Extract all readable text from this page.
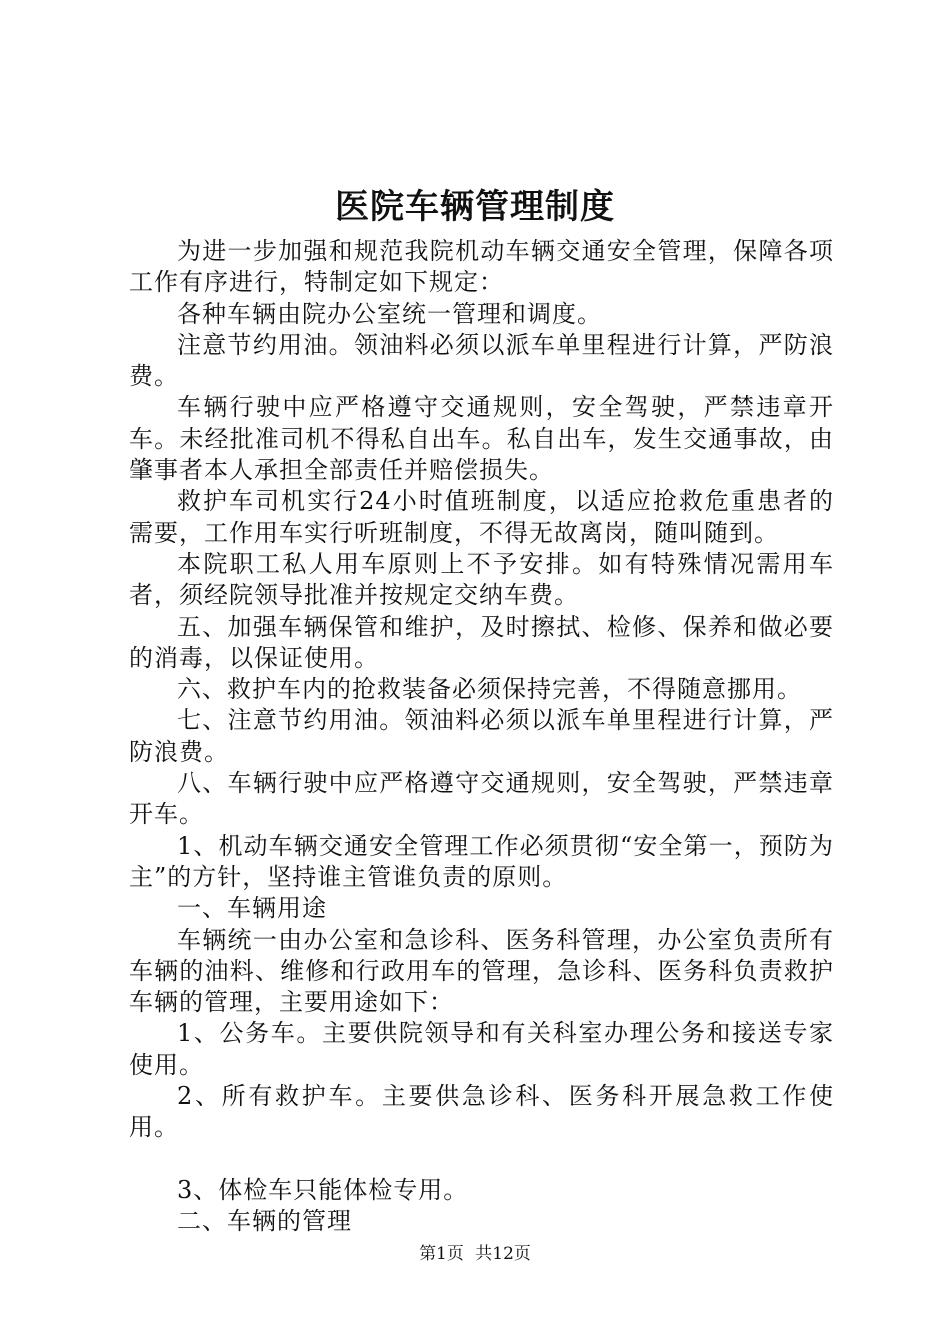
医院车辆管理制度

为进一步加强和规范我院机动车辆交通安全管理，保障各项工作有序进行，特制定如下规定：

各种车辆由院办公室统一管理和调度。

注意节约用油。领油料必须以派车单里程进行计算，严防浪费。

车辆行驶中应严格遵守交通规则，安全驾驶，严禁违章开车。未经批准司机不得私自出车。私自出车，发生交通事故，由肇事者本人承担全部责任并赔偿损失。

救护车司机实行24小时值班制度，以适应抢救危重患者的需要，工作用车实行听班制度，不得无故离岗，随叫随到。

本院职工私人用车原则上不予安排。如有特殊情况需用车者，须经院领导批准并按规定交纳车费。

五、加强车辆保管和维护，及时擦拭、检修、保养和做必要的消毒，以保证使用。

六、救护车内的抢救装备必须保持完善，不得随意挪用。

七、注意节约用油。领油料必须以派车单里程进行计算，严防浪费。

八、车辆行驶中应严格遵守交通规则，安全驾驶，严禁违章开车。

1、机动车辆交通安全管理工作必须贯彻“安全第一，预防为主”的方针，坚持谁主管谁负责的原则。

一、车辆用途

车辆统一由办公室和急诊科、医务科管理，办公室负责所有车辆的油料、维修和行政用车的管理，急诊科、医务科负责救护车辆的管理，主要用途如下：

1、公务车。主要供院领导和有关科室办理公务和接送专家使用。

2、所有救护车。主要供急诊科、医务科开展急救工作使用。

3、体检车只能体检专用。

二、车辆的管理

第1页 共12页
